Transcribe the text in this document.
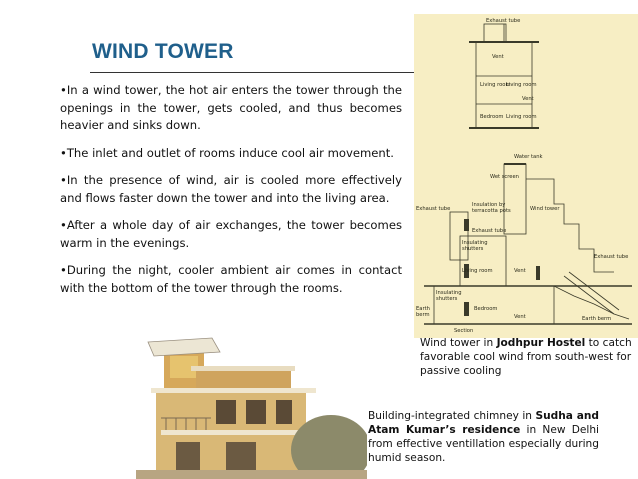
WIND TOWER

•In a wind tower, the hot air enters the tower through the openings in the tower, gets cooled, and thus becomes heavier and sinks down.

•The inlet and outlet of rooms induce cool air movement.

•In the presence of wind, air is cooled more effectively and flows faster down the tower and into the living area.

•After a whole day of air exchanges, the tower becomes warm in the evenings.

•During the night, cooler ambient air comes in contact with the bottom of the tower through the rooms.

Exhaust tube
Vent
Living room
Living room
Vent
Bedroom Living room
Water tank
Wet screen
Exhaust tube
Insulation by
terracotta pots	Wind tower
Exhaust tube
Insulating
shutters
Living room	Vent
Exhaust tube
Insulating
shutters
Earth
berm
Bedroom
Vent	Earth berm
Section
Wind tower in Jodhpur Hostel to catch favorable cool wind from south-west for passive cooling
Building-integrated chimney in Sudha and Atam Kumar’s residence in New Delhi from effective ventillation especially during humid season.
